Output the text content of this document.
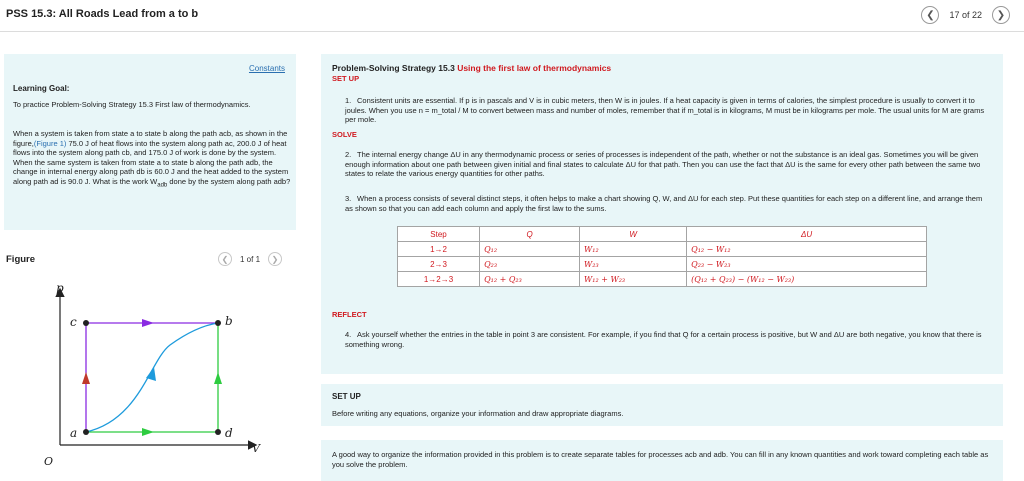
PSS 15.3: All Roads Lead from a to b	❮ 17 of 22 ❯
Constants
Learning Goal:
To practice Problem-Solving Strategy 15.3 First law of thermodynamics.
When a system is taken from state a to state b along the path acb, as shown in the figure,(Figure 1) 75.0 J of heat flows into the system along path ac, 200.0 J of heat flows into the system along path cb, and 175.0 J of work is done by the system. When the same system is taken from state a to state b along the path adb, the change in internal energy along path db is 60.0 J and the heat added to the system along path ad is 90.0 J. What is the work $W_{adb}$ done by the system along path adb?
Figure	❮ 1 of 1 ❯
p
V
O
a
b
c
d
Problem-Solving Strategy 15.3 Using the first law of thermodynamics
SET UP
1. Consistent units are essential. If p is in pascals and V is in cubic meters, then W is in joules. If a heat capacity is given in terms of calories, the simplest procedure is usually to convert it to joules. When you use n = m_total / M to convert between mass and number of moles, remember that if m_total is in kilograms, M must be in kilograms per mole. The usual units for M are grams per mole.
SOLVE
2. The internal energy change ΔU in any thermodynamic process or series of processes is independent of the path, whether or not the substance is an ideal gas. Sometimes you will be given enough information about one path between given initial and final states to calculate ΔU for that path. Then you can use the fact that ΔU is the same for every other path between the same two states to relate the various energy quantities for other paths.
3. When a process consists of several distinct steps, it often helps to make a chart showing Q, W, and ΔU for each step. Put these quantities for each step on a different line, and arrange them as shown so that you can add each column and apply the first law to the sums.
Step	Q	W	ΔU
1→2	Q₁₂	W₁₂	Q₁₂ − W₁₂
2→3	Q₂₃	W₂₃	Q₂₃ − W₂₃
1→2→3	Q₁₂ + Q₂₃	W₁₂ + W₂₃	(Q₁₂ + Q₂₃) − (W₁₂ − W₂₃)
REFLECT
4. Ask yourself whether the entries in the table in point 3 are consistent. For example, if you find that Q for a certain process is positive, but W and ΔU are both negative, you know that there is something wrong.
SET UP
Before writing any equations, organize your information and draw appropriate diagrams.
A good way to organize the information provided in this problem is to create separate tables for processes acb and adb. You can fill in any known quantities and work toward completing each table as you solve the problem.
